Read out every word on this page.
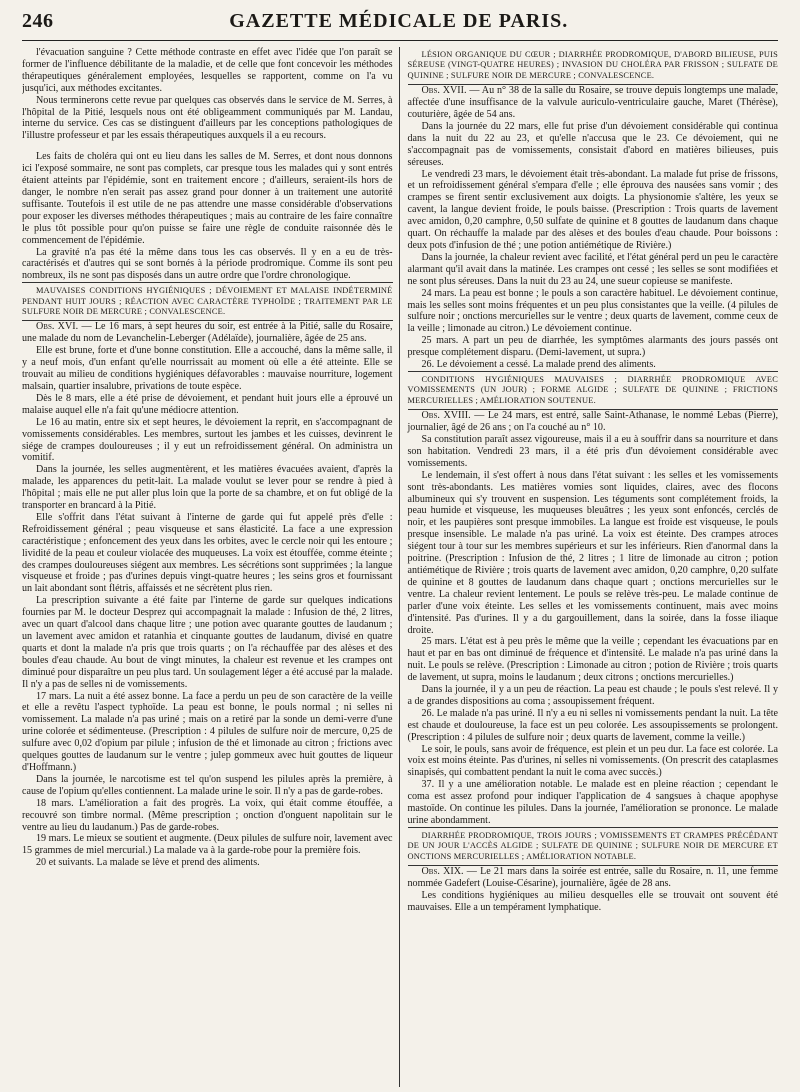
246	GAZETTE MÉDICALE DE PARIS.

l'évacuation sanguine ? Cette méthode contraste en effet avec l'idée que l'on paraît se former de l'influence débilitante de la maladie, et de celle que font concevoir les méthodes thérapeutiques généralement employées, lesquelles se rapportent, comme on l'a vu jusqu'ici, aux méthodes excitantes.

Nous terminerons cette revue par quelques cas observés dans le service de M. Serres, à l'hôpital de la Pitié, lesquels nous ont été obligeamment communiqués par M. Landau, interne du service. Ces cas se distinguent d'ailleurs par les conceptions pathologiques de l'illustre professeur et par les essais thérapeutiques auxquels il a eu recours.

Les faits de choléra qui ont eu lieu dans les salles de M. Serres, et dont nous donnons ici l'exposé sommaire, ne sont pas complets, car presque tous les malades qui y sont entrés étaient atteints par l'épidémie, sont en traitement encore ; d'ailleurs, seraient-ils hors de danger, le nombre n'en serait pas assez grand pour donner à un traitement une autorité suffisante. Toutefois il est utile de ne pas attendre une masse considérable d'observations pour exposer les diverses méthodes thérapeutiques ; mais au contraire de les faire connaître le plus tôt possible pour qu'on puisse se faire une règle de conduite raisonnée dès le commencement de l'épidémie.

La gravité n'a pas été la même dans tous les cas observés. Il y en a eu de très-caractérisés et d'autres qui se sont bornés à la période prodromique. Comme ils sont peu nombreux, ils ne sont pas disposés dans un autre ordre que l'ordre chronologique.

MAUVAISES CONDITIONS HYGIÉNIQUES ; DÉVOIEMENT ET MALAISE INDÉTERMINÉ PENDANT HUIT JOURS ; RÉACTION AVEC CARACTÈRE TYPHOÏDE ; TRAITEMENT PAR LE SULFURE NOIR DE MERCURE ; CONVALESCENCE.

Obs. XVI. — Le 16 mars, à sept heures du soir, est entrée à la Pitié, salle du Rosaire, une malade du nom de Levanchelin-Leberger (Adélaïde), journalière, âgée de 25 ans.

Elle est brune, forte et d'une bonne constitution. Elle a accouché, dans la même salle, il y a neuf mois, d'un enfant qu'elle nourrissait au moment où elle a été atteinte. Elle se trouvait au milieu de conditions hygiéniques défavorables : mauvaise nourriture, logement malsain, quartier insalubre, privations de toute espèce.

Dès le 8 mars, elle a été prise de dévoiement, et pendant huit jours elle a éprouvé un malaise auquel elle n'a fait qu'une médiocre attention.

Le 16 au matin, entre six et sept heures, le dévoiement la reprit, en s'accompagnant de vomissements considérables. Les membres, surtout les jambes et les cuisses, devinrent le siége de crampes douloureuses ; il y eut un refroidissement général. On administra un vomitif.

Dans la journée, les selles augmentèrent, et les matières évacuées avaient, d'après la malade, les apparences du petit-lait. La malade voulut se lever pour se rendre à pied à l'hôpital ; mais elle ne put aller plus loin que la porte de sa chambre, et on fut obligé de la transporter en brancard à la Pitié.

Elle s'offrit dans l'état suivant à l'interne de garde qui fut appelé près d'elle : Refroidissement général ; peau visqueuse et sans élasticité. La face a une expression caractéristique ; enfoncement des yeux dans les orbites, avec le cercle noir qui les entoure ; lividité de la peau et couleur violacée des muqueuses. La voix est étouffée, comme éteinte ; des crampes douloureuses siégent aux membres. Les sécrétions sont supprimées ; la langue visqueuse et froide ; pas d'urines depuis vingt-quatre heures ; les seins gros et fournissant un lait abondant sont flétris, affaissés et ne sécrètent plus rien.

La prescription suivante a été faite par l'interne de garde sur quelques indications fournies par M. le docteur Desprez qui accompagnait la malade : Infusion de thé, 2 litres, avec un quart d'alcool dans chaque litre ; une potion avec quarante gouttes de laudanum ; un lavement avec amidon et ratanhia et cinquante gouttes de laudanum, divisé en quatre quarts et dont la malade n'a pris que trois quarts ; on l'a réchauffée par des alèses et des boules d'eau chaude. Au bout de vingt minutes, la chaleur est revenue et les crampes ont diminué pour disparaître un peu plus tard. Un soulagement léger a été accusé par la malade. Il n'y a pas de selles ni de vomissements.

17 mars. La nuit a été assez bonne. La face a perdu un peu de son caractère de la veille et elle a revêtu l'aspect typhoïde. La peau est bonne, le pouls normal ; ni selles ni vomissement. La malade n'a pas uriné ; mais on a retiré par la sonde un demi-verre d'une urine colorée et sédimenteuse. (Prescription : 4 pilules de sulfure noir de mercure, 0,25 de sulfure avec 0,02 d'opium par pilule ; infusion de thé et limonade au citron ; frictions avec quelques gouttes de laudanum sur le ventre ; julep gommeux avec huit gouttes de liqueur d'Hoffmann.)

Dans la journée, le narcotisme est tel qu'on suspend les pilules après la première, à cause de l'opium qu'elles contiennent. La malade urine le soir. Il n'y a pas de garde-robes.

18 mars. L'amélioration a fait des progrès. La voix, qui était comme étouffée, a recouvré son timbre normal. (Même prescription ; onction d'onguent napolitain sur le ventre au lieu du laudanum.) Pas de garde-robes.

19 mars. Le mieux se soutient et augmente. (Deux pilules de sulfure noir, lavement avec 15 grammes de miel mercurial.) La malade va à la garde-robe pour la première fois.

20 et suivants. La malade se lève et prend des aliments.

LÉSION ORGANIQUE DU CŒUR ; DIARRHÉE PRODROMIQUE, D'ABORD BILIEUSE, PUIS SÉREUSE (VINGT-QUATRE HEURES) ; INVASION DU CHOLÉRA PAR FRISSON ; SULFATE DE QUININE ; SULFURE NOIR DE MERCURE ; CONVALESCENCE.

Obs. XVII. — Au n° 38 de la salle du Rosaire, se trouve depuis longtemps une malade, affectée d'une insuffisance de la valvule auriculo-ventriculaire gauche, Maret (Thérèse), couturière, âgée de 54 ans.

Dans la journée du 22 mars, elle fut prise d'un dévoiement considérable qui continua dans la nuit du 22 au 23, et qu'elle n'accusa que le 23. Ce dévoiement, qui ne s'accompagnait pas de vomissements, consistait d'abord en matières bilieuses, puis séreuses.

Le vendredi 23 mars, le dévoiement était très-abondant. La malade fut prise de frissons, et un refroidissement général s'empara d'elle ; elle éprouva des nausées sans vomir ; des crampes se firent sentir exclusivement aux doigts. La physionomie s'altère, les yeux se cavent, la langue devient froide, le pouls baisse. (Prescription : Trois quarts de lavement avec amidon, 0,20 camphre, 0,50 sulfate de quinine et 8 gouttes de laudanum dans chaque quart. On réchauffe la malade par des alèses et des boules d'eau chaude. Pour boissons : deux pots d'infusion de thé ; une potion antiémétique de Rivière.)

Dans la journée, la chaleur revient avec facilité, et l'état général perd un peu le caractère alarmant qu'il avait dans la matinée. Les crampes ont cessé ; les selles se sont modifiées et ne sont plus séreuses. Dans la nuit du 23 au 24, une sueur copieuse se manifeste.

24 mars. La peau est bonne ; le pouls a son caractère habituel. Le dévoiement continue, mais les selles sont moins fréquentes et un peu plus consistantes que la veille. (4 pilules de sulfure noir ; onctions mercurielles sur le ventre ; deux quarts de lavement, comme ceux de la veille ; limonade au citron.) Le dévoiement continue.

25 mars. A part un peu de diarrhée, les symptômes alarmants des jours passés ont presque complétement disparu. (Demi-lavement, ut supra.)

26. Le dévoiement a cessé. La malade prend des aliments.

CONDITIONS HYGIÉNIQUES MAUVAISES ; DIARRHÉE PRODROMIQUE AVEC VOMISSEMENTS (UN JOUR) ; FORME ALGIDE ; SULFATE DE QUININE ; FRICTIONS MERCURIELLES ; AMÉLIORATION SOUTENUE.

Obs. XVIII. — Le 24 mars, est entré, salle Saint-Athanase, le nommé Lebas (Pierre), journalier, âgé de 26 ans ; on l'a couché au n° 10.

Sa constitution paraît assez vigoureuse, mais il a eu à souffrir dans sa nourriture et dans son habitation. Vendredi 23 mars, il a été pris d'un dévoiement considérable avec vomissements.

Le lendemain, il s'est offert à nous dans l'état suivant : les selles et les vomissements sont très-abondants. Les matières vomies sont liquides, claires, avec des flocons albumineux qui s'y trouvent en suspension. Les téguments sont complétement froids, la peau humide et visqueuse, les muqueuses bleuâtres ; les yeux sont enfoncés, cerclés de noir, et les paupières sont presque immobiles. La langue est froide est visqueuse, le pouls presque insensible. Le malade n'a pas uriné. La voix est éteinte. Des crampes atroces siégent tour à tour sur les membres supérieurs et sur les inférieurs. Rien d'anormal dans la poitrine. (Prescription : Infusion de thé, 2 litres ; 1 litre de limonade au citron ; potion antiémétique de Rivière ; trois quarts de lavement avec amidon, 0,20 camphre, 0,20 sulfate de quinine et 8 gouttes de laudanum dans chaque quart ; onctions mercurielles sur le ventre. La chaleur revient lentement. Le pouls se relève très-peu. Le malade continue de parler d'une voix éteinte. Les selles et les vomissements continuent, mais avec moins d'intensité. Pas d'urines. Il y a du gargouillement, dans la soirée, dans la fosse iliaque droite.

25 mars. L'état est à peu près le même que la veille ; cependant les évacuations par en haut et par en bas ont diminué de fréquence et d'intensité. Le malade n'a pas uriné dans la nuit. Le pouls se relève. (Prescription : Limonade au citron ; potion de Rivière ; trois quarts de lavement, ut supra, moins le laudanum ; deux citrons ; onctions mercurielles.)

Dans la journée, il y a un peu de réaction. La peau est chaude ; le pouls s'est relevé. Il y a de grandes dispositions au coma ; assoupissement fréquent.

26. Le malade n'a pas uriné. Il n'y a eu ni selles ni vomissements pendant la nuit. La tête est chaude et douloureuse, la face est un peu colorée. Les assoupissements se prolongent. (Prescription : 4 pilules de sulfure noir ; deux quarts de lavement, comme la veille.)

Le soir, le pouls, sans avoir de fréquence, est plein et un peu dur. La face est colorée. La voix est moins éteinte. Pas d'urines, ni selles ni vomissements. (On prescrit des cataplasmes sinapisés, qui combattent pendant la nuit le coma avec succès.)

37. Il y a une amélioration notable. Le malade est en pleine réaction ; cependant le coma est assez profond pour indiquer l'application de 4 sangsues à chaque apophyse mastoïde. On continue les pilules. Dans la journée, l'amélioration se prononce. Le malade urine abondamment.

DIARRHÉE PRODROMIQUE, TROIS JOURS ; VOMISSEMENTS ET CRAMPES PRÉCÉDANT DE UN JOUR L'ACCÈS ALGIDE ; SULFATE DE QUININE ; SULFURE NOIR DE MERCURE ET ONCTIONS MERCURIELLES ; AMÉLIORATION NOTABLE.

Obs. XIX. — Le 21 mars dans la soirée est entrée, salle du Rosaire, n. 11, une femme nommée Gadefert (Louise-Césarine), journalière, âgée de 28 ans.

Les conditions hygiéniques au milieu desquelles elle se trouvait ont souvent été mauvaises. Elle a un tempérament lymphatique.
